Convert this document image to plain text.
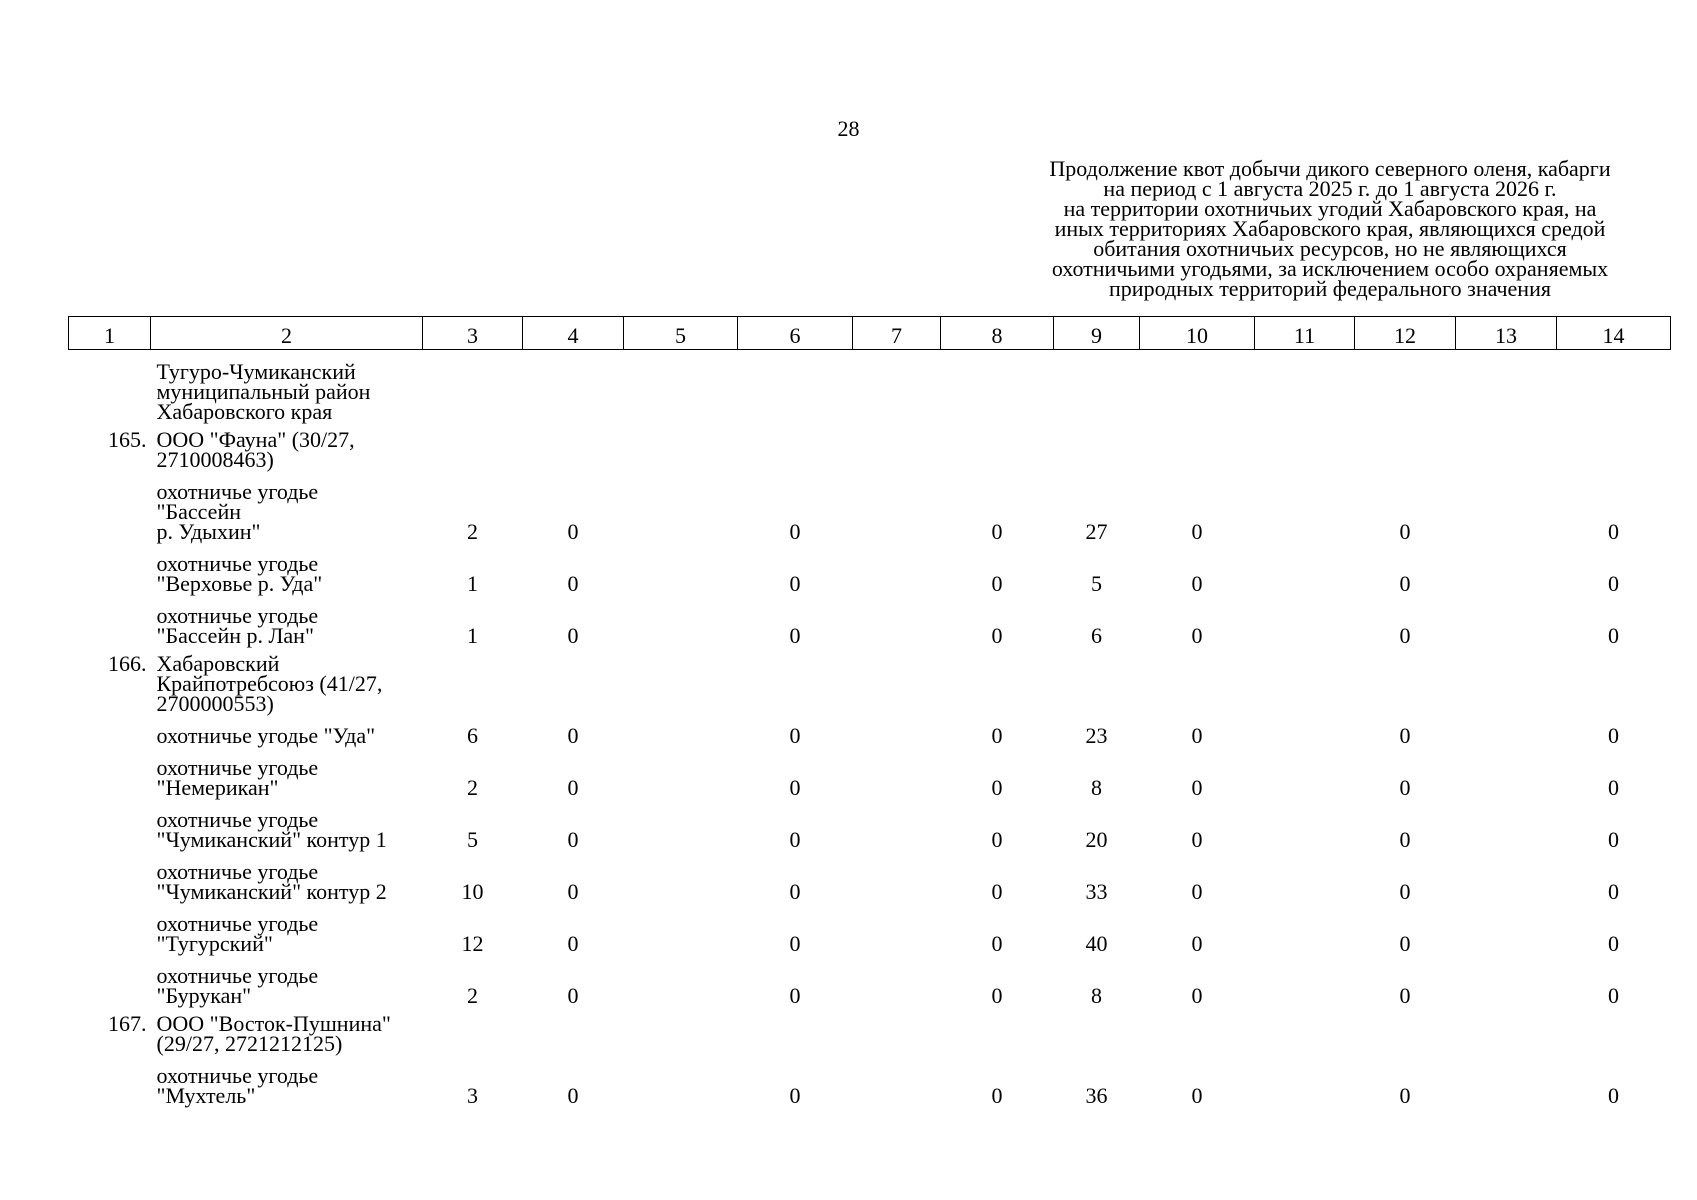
28
Продолжение квот добычи дикого северного оленя, кабарги
на период с 1 августа 2025 г. до 1 августа 2026 г.
на территории охотничьих угодий Хабаровского края, на
иных территориях Хабаровского края, являющихся средой
обитания охотничьих ресурсов, но не являющихся
охотничьими угодьями, за исключением особо охраняемых
природных территорий федерального значения
1	2	3	4	5	6	7	8	9	10	11	12	13	14

	Тугуро-Чумиканский
муниципальный район
Хабаровского края												

165.	ООО "Фауна" (30/27,
2710008463)												

	охотничье угодье
"Бассейн
р. Удыхин"	2	0		0		0	27	0		0		0

	охотничье угодье
"Верховье р. Уда"	1	0		0		0	5	0		0		0

	охотничье угодье
"Бассейн р. Лан"	1	0		0		0	6	0		0		0
166.	Хабаровский
Крайпотребсоюз (41/27,
2700000553)												

	охотничье угодье "Уда"	6	0		0		0	23	0		0		0

	охотничье угодье
"Немерикан"	2	0		0		0	8	0		0		0

	охотничье угодье
"Чумиканский" контур 1	5	0		0		0	20	0		0		0

	охотничье угодье
"Чумиканский" контур 2	10	0		0		0	33	0		0		0

	охотничье угодье
"Тугурский"	12	0		0		0	40	0		0		0

	охотничье угодье
"Бурукан"	2	0		0		0	8	0		0		0
167.	ООО "Восток-Пушнина"
(29/27, 2721212125)												

	охотничье угодье
"Мухтель"	3	0		0		0	36	0		0		0
